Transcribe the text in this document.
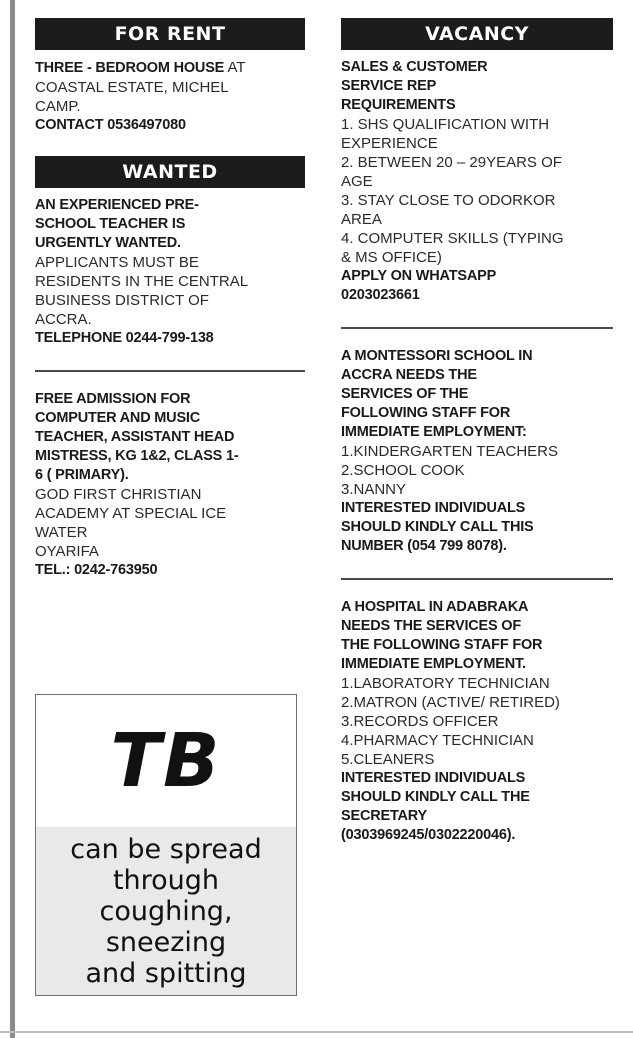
FOR RENT
THREE - BEDROOM HOUSE AT
COASTAL ESTATE, MICHEL
CAMP.
CONTACT 0536497080
WANTED
AN EXPERIENCED PRE-
SCHOOL TEACHER IS
URGENTLY WANTED.
APPLICANTS MUST BE
RESIDENTS IN THE CENTRAL
BUSINESS DISTRICT OF
ACCRA.
TELEPHONE 0244-799-138
FREE ADMISSION FOR
COMPUTER AND MUSIC
TEACHER, ASSISTANT HEAD
MISTRESS, KG 1&2, CLASS 1-
6 ( PRIMARY).
GOD FIRST CHRISTIAN
ACADEMY AT SPECIAL ICE
WATER
OYARIFA
TEL.: 0242-763950
TB
can be spread
through
coughing,
sneezing
and spitting
VACANCY
SALES & CUSTOMER
SERVICE REP
REQUIREMENTS
1. SHS QUALIFICATION WITH
EXPERIENCE
2. BETWEEN 20 – 29YEARS OF
AGE
3. STAY CLOSE TO ODORKOR
AREA
4. COMPUTER SKILLS (TYPING
& MS OFFICE)
APPLY ON WHATSAPP
0203023661
A MONTESSORI SCHOOL IN
ACCRA NEEDS THE
SERVICES OF THE
FOLLOWING STAFF FOR
IMMEDIATE EMPLOYMENT:
1.KINDERGARTEN TEACHERS
2.SCHOOL COOK
3.NANNY
INTERESTED INDIVIDUALS
SHOULD KINDLY CALL THIS
NUMBER (054 799 8078).
A HOSPITAL IN ADABRAKA
NEEDS THE SERVICES OF
THE FOLLOWING STAFF FOR
IMMEDIATE EMPLOYMENT.
1.LABORATORY TECHNICIAN
2.MATRON (ACTIVE/ RETIRED)
3.RECORDS OFFICER
4.PHARMACY TECHNICIAN
5.CLEANERS
INTERESTED INDIVIDUALS
SHOULD KINDLY CALL THE
SECRETARY
(0303969245/0302220046).
